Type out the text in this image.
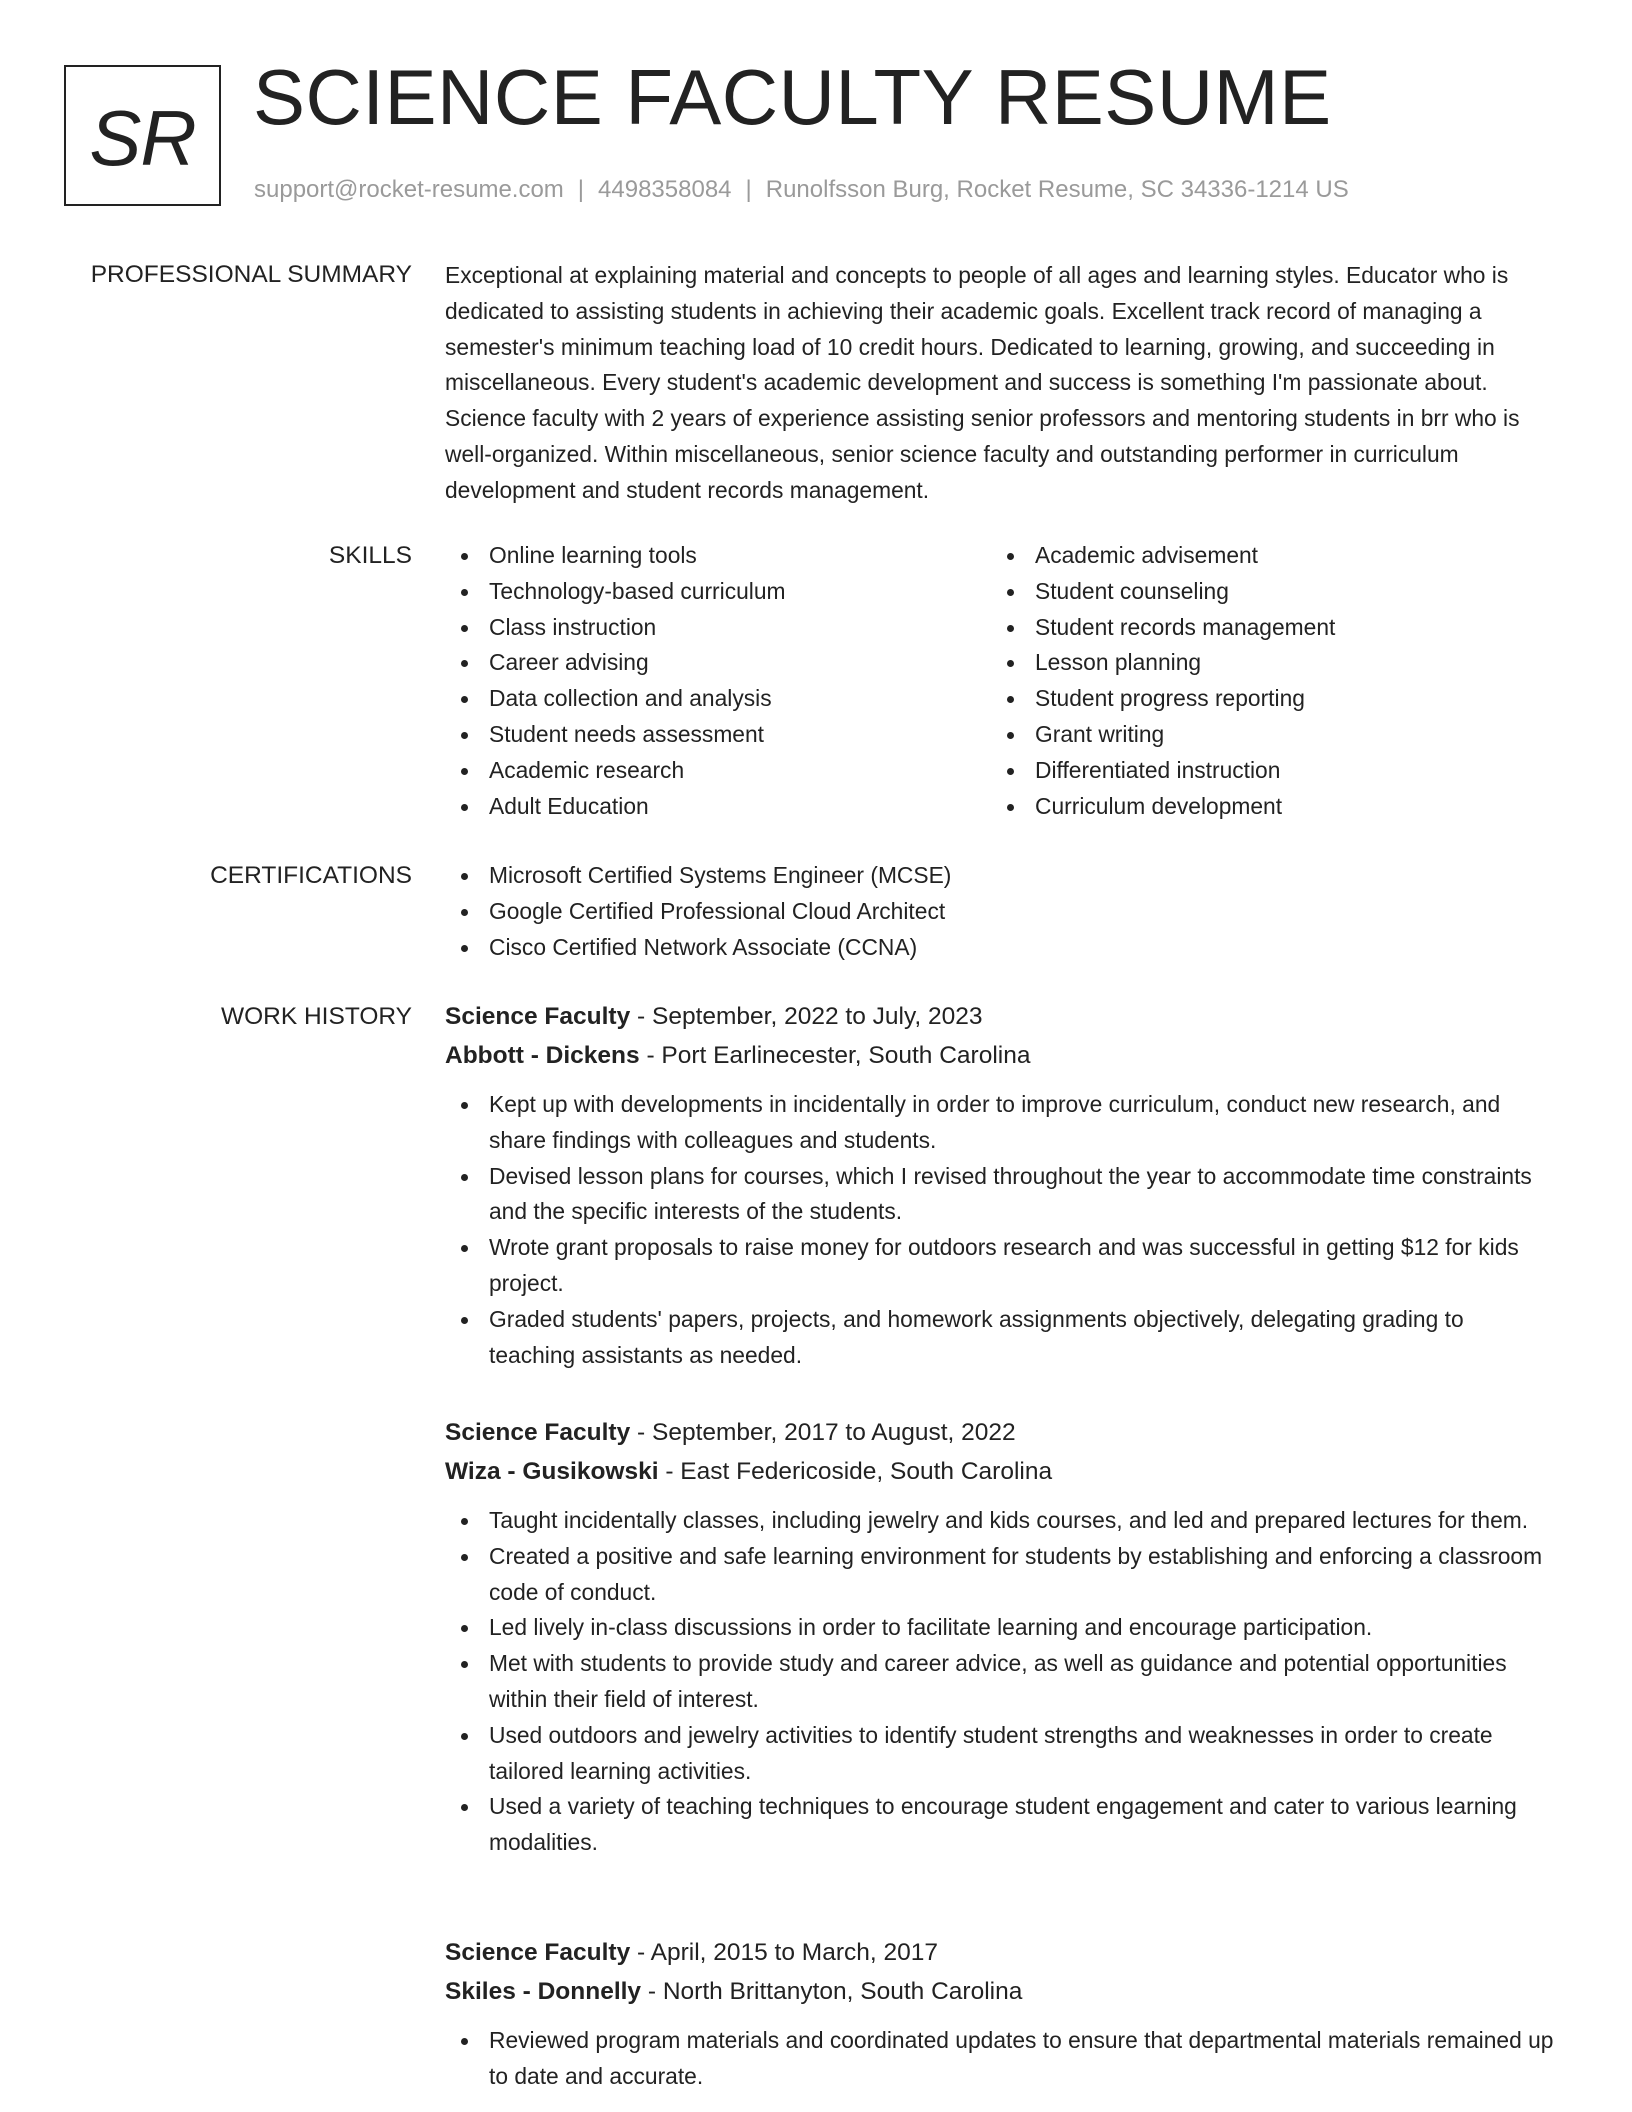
SR SCIENCE FACULTY RESUME
support@rocket-resume.com | 4498358084 | Runolfsson Burg, Rocket Resume, SC 34336-1214 US
PROFESSIONAL SUMMARY Exceptional at explaining material and concepts to people of all ages and learning styles. Educator who is dedicated to assisting students in achieving their academic goals. Excellent track record of managing a semester's minimum teaching load of 10 credit hours. Dedicated to learning, growing, and succeeding in miscellaneous. Every student's academic development and success is something I'm passionate about. Science faculty with 2 years of experience assisting senior professors and mentoring students in brr who is well-organized. Within miscellaneous, senior science faculty and outstanding performer in curriculum development and student records management.

SKILLS	Online learning tools
Technology-based curriculum
Class instruction
Career advising
Data collection and analysis
Student needs assessment
Academic research
Adult Education
Academic advisement
Student counseling
Student records management
Lesson planning
Student progress reporting
Grant writing
Differentiated instruction
Curriculum development
CERTIFICATIONS	Microsoft Certified Systems Engineer (MCSE)
Google Certified Professional Cloud Architect
Cisco Certified Network Associate (CCNA)
WORK HISTORY Science Faculty - September, 2022 to July, 2023
Abbott - Dickens - Port Earlinecester, South Carolina
Kept up with developments in incidentally in order to improve curriculum, conduct new research, and share findings with colleagues and students.
Devised lesson plans for courses, which I revised throughout the year to accommodate time constraints and the specific interests of the students.
Wrote grant proposals to raise money for outdoors research and was successful in getting $12 for kids project.
Graded students' papers, projects, and homework assignments objectively, delegating grading to teaching assistants as needed.
Science Faculty - September, 2017 to August, 2022
Wiza - Gusikowski - East Federicoside, South Carolina
Taught incidentally classes, including jewelry and kids courses, and led and prepared lectures for them.
Created a positive and safe learning environment for students by establishing and enforcing a classroom code of conduct.
Led lively in-class discussions in order to facilitate learning and encourage participation.
Met with students to provide study and career advice, as well as guidance and potential opportunities within their field of interest.
Used outdoors and jewelry activities to identify student strengths and weaknesses in order to create tailored learning activities.
Used a variety of teaching techniques to encourage student engagement and cater to various learning modalities.
Science Faculty - April, 2015 to March, 2017
Skiles - Donnelly - North Brittanyton, South Carolina
Reviewed program materials and coordinated updates to ensure that departmental materials remained up to date and accurate.
